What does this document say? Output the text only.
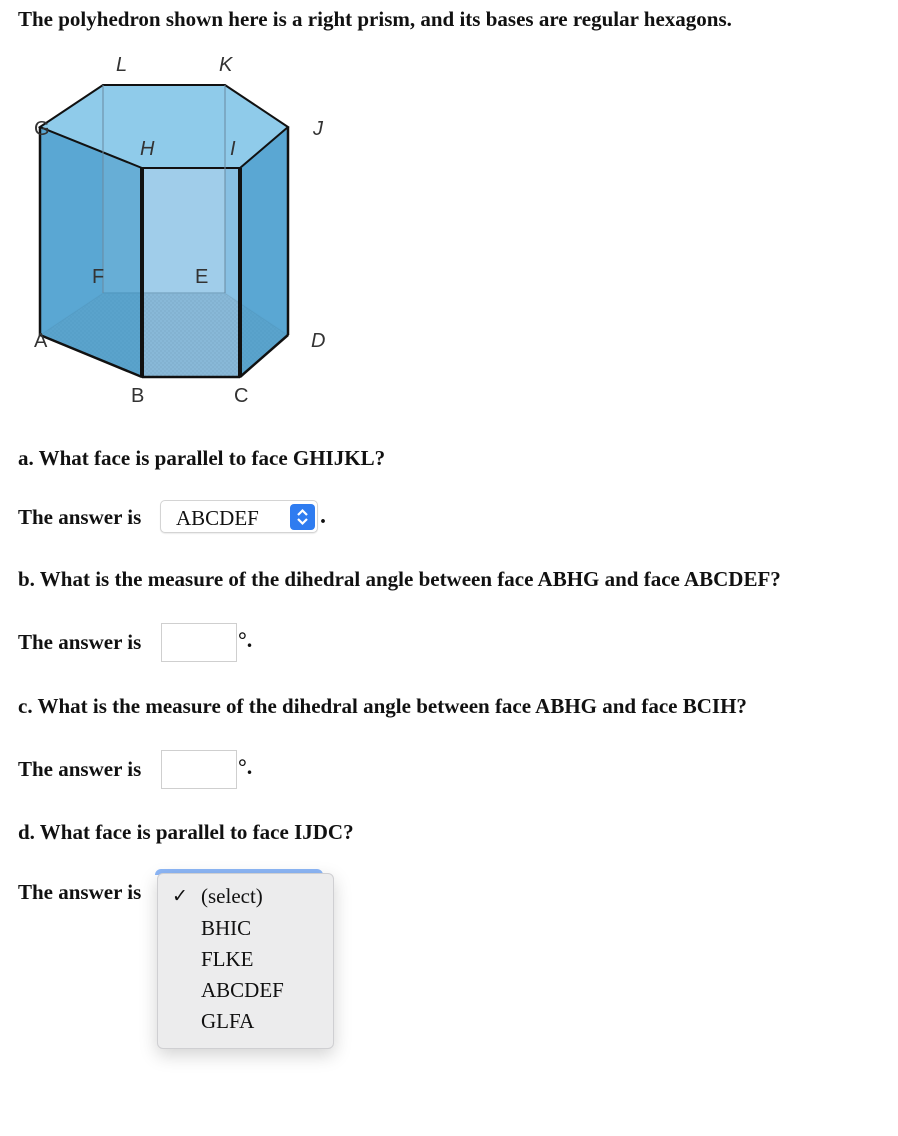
The polyhedron shown here is a right prism, and its bases are regular hexagons.
L	K
G	J
H	I
F	E
A	D
B	C
a. What face is parallel to face GHIJKL?
The answer is ABCDEF	.
b. What is the measure of the dihedral angle between face ABHG and face ABCDEF?
The answer is	°.
c. What is the measure of the dihedral angle between face ABHG and face BCIH?
The answer is	°.
d. What face is parallel to face IJDC?
The answer is ✓ (select)
BHIC
FLKE
ABCDEF
GLFA
